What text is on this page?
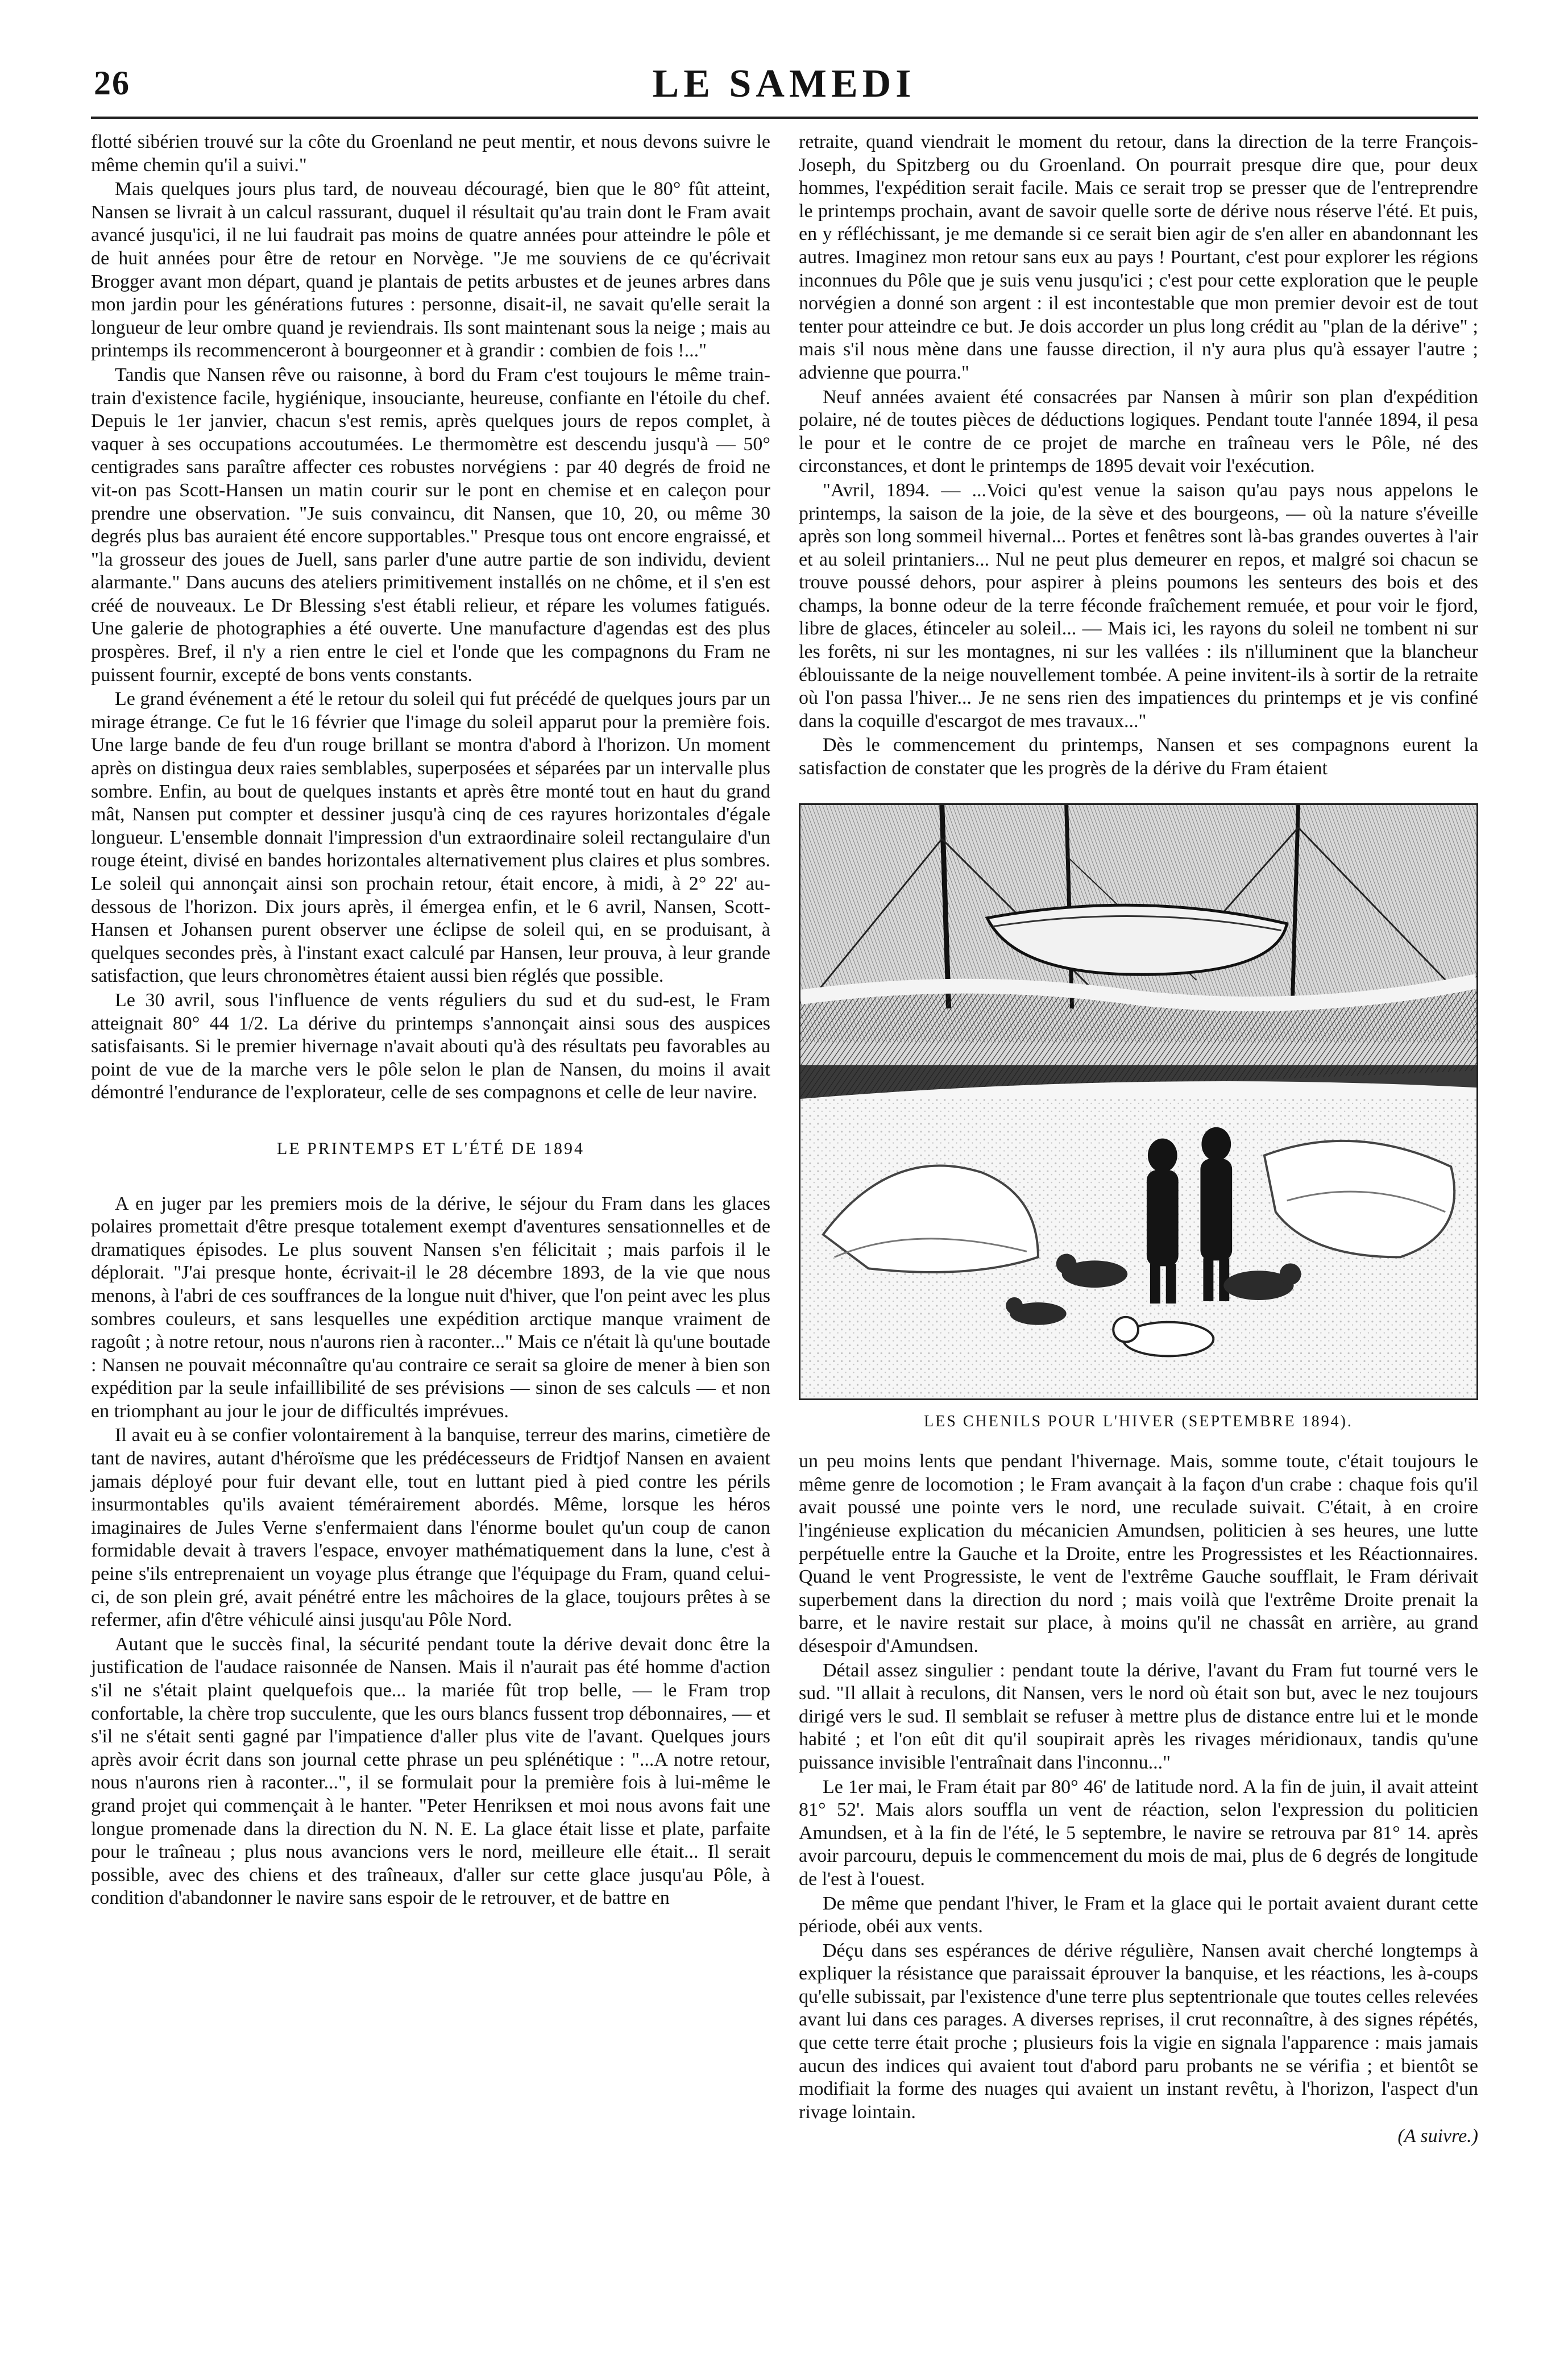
26	LE SAMEDI

flotté sibérien trouvé sur la côte du Groenland ne peut mentir, et nous devons suivre le même chemin qu'il a suivi."

Mais quelques jours plus tard, de nouveau découragé, bien que le 80° fût atteint, Nansen se livrait à un calcul rassurant, duquel il résultait qu'au train dont le Fram avait avancé jusqu'ici, il ne lui faudrait pas moins de quatre années pour atteindre le pôle et de huit années pour être de retour en Norvège. "Je me souviens de ce qu'écrivait Brogger avant mon départ, quand je plantais de petits arbustes et de jeunes arbres dans mon jardin pour les générations futures : personne, disait-il, ne savait qu'elle serait la longueur de leur ombre quand je reviendrais. Ils sont maintenant sous la neige ; mais au printemps ils recommenceront à bourgeonner et à grandir : combien de fois !..."

Tandis que Nansen rêve ou raisonne, à bord du Fram c'est toujours le même train-train d'existence facile, hygiénique, insouciante, heureuse, confiante en l'étoile du chef. Depuis le 1er janvier, chacun s'est remis, après quelques jours de repos complet, à vaquer à ses occupations accoutumées. Le thermomètre est descendu jusqu'à — 50° centigrades sans paraître affecter ces robustes norvégiens : par 40 degrés de froid ne vit-on pas Scott-Hansen un matin courir sur le pont en chemise et en caleçon pour prendre une observation. "Je suis convaincu, dit Nansen, que 10, 20, ou même 30 degrés plus bas auraient été encore supportables." Presque tous ont encore engraissé, et "la grosseur des joues de Juell, sans parler d'une autre partie de son individu, devient alarmante." Dans aucuns des ateliers primitivement installés on ne chôme, et il s'en est créé de nouveaux. Le Dr Blessing s'est établi relieur, et répare les volumes fatigués. Une galerie de photographies a été ouverte. Une manufacture d'agendas est des plus prospères. Bref, il n'y a rien entre le ciel et l'onde que les compagnons du Fram ne puissent fournir, excepté de bons vents constants.

Le grand événement a été le retour du soleil qui fut précédé de quelques jours par un mirage étrange. Ce fut le 16 février que l'image du soleil apparut pour la première fois. Une large bande de feu d'un rouge brillant se montra d'abord à l'horizon. Un moment après on distingua deux raies semblables, superposées et séparées par un intervalle plus sombre. Enfin, au bout de quelques instants et après être monté tout en haut du grand mât, Nansen put compter et dessiner jusqu'à cinq de ces rayures horizontales d'égale longueur. L'ensemble donnait l'impression d'un extraordinaire soleil rectangulaire d'un rouge éteint, divisé en bandes horizontales alternativement plus claires et plus sombres. Le soleil qui annonçait ainsi son prochain retour, était encore, à midi, à 2° 22' au-dessous de l'horizon. Dix jours après, il émergea enfin, et le 6 avril, Nansen, Scott-Hansen et Johansen purent observer une éclipse de soleil qui, en se produisant, à quelques secondes près, à l'instant exact calculé par Hansen, leur prouva, à leur grande satisfaction, que leurs chronomètres étaient aussi bien réglés que possible.

Le 30 avril, sous l'influence de vents réguliers du sud et du sud-est, le Fram atteignait 80° 44 1/2. La dérive du printemps s'annonçait ainsi sous des auspices satisfaisants. Si le premier hivernage n'avait abouti qu'à des résultats peu favorables au point de vue de la marche vers le pôle selon le plan de Nansen, du moins il avait démontré l'endurance de l'explorateur, celle de ses compagnons et celle de leur navire.

LE PRINTEMPS ET L'ÉTÉ DE 1894

A en juger par les premiers mois de la dérive, le séjour du Fram dans les glaces polaires promettait d'être presque totalement exempt d'aventures sensationnelles et de dramatiques épisodes. Le plus souvent Nansen s'en félicitait ; mais parfois il le déplorait. "J'ai presque honte, écrivait-il le 28 décembre 1893, de la vie que nous menons, à l'abri de ces souffrances de la longue nuit d'hiver, que l'on peint avec les plus sombres couleurs, et sans lesquelles une expédition arctique manque vraiment de ragoût ; à notre retour, nous n'aurons rien à raconter..." Mais ce n'était là qu'une boutade : Nansen ne pouvait méconnaître qu'au contraire ce serait sa gloire de mener à bien son expédition par la seule infaillibilité de ses prévisions — sinon de ses calculs — et non en triomphant au jour le jour de difficultés imprévues.

Il avait eu à se confier volontairement à la banquise, terreur des marins, cimetière de tant de navires, autant d'héroïsme que les prédécesseurs de Fridtjof Nansen en avaient jamais déployé pour fuir devant elle, tout en luttant pied à pied contre les périls insurmontables qu'ils avaient témérairement abordés. Même, lorsque les héros imaginaires de Jules Verne s'enfermaient dans l'énorme boulet qu'un coup de canon formidable devait à travers l'espace, envoyer mathématiquement dans la lune, c'est à peine s'ils entreprenaient un voyage plus étrange que l'équipage du Fram, quand celui-ci, de son plein gré, avait pénétré entre les mâchoires de la glace, toujours prêtes à se refermer, afin d'être véhiculé ainsi jusqu'au Pôle Nord.

Autant que le succès final, la sécurité pendant toute la dérive devait donc être la justification de l'audace raisonnée de Nansen. Mais il n'aurait pas été homme d'action s'il ne s'était plaint quelquefois que... la mariée fût trop belle, — le Fram trop confortable, la chère trop succulente, que les ours blancs fussent trop débonnaires, — et s'il ne s'était senti gagné par l'impatience d'aller plus vite de l'avant. Quelques jours après avoir écrit dans son journal cette phrase un peu splénétique : "...A notre retour, nous n'aurons rien à raconter...", il se formulait pour la première fois à lui-même le grand projet qui commençait à le hanter. "Peter Henriksen et moi nous avons fait une longue promenade dans la direction du N. N. E. La glace était lisse et plate, parfaite pour le traîneau ; plus nous avancions vers le nord, meilleure elle était... Il serait possible, avec des chiens et des traîneaux, d'aller sur cette glace jusqu'au Pôle, à condition d'abandonner le navire sans espoir de le retrouver, et de battre en

retraite, quand viendrait le moment du retour, dans la direction de la terre François-Joseph, du Spitzberg ou du Groenland. On pourrait presque dire que, pour deux hommes, l'expédition serait facile. Mais ce serait trop se presser que de l'entreprendre le printemps prochain, avant de savoir quelle sorte de dérive nous réserve l'été. Et puis, en y réfléchissant, je me demande si ce serait bien agir de s'en aller en abandonnant les autres. Imaginez mon retour sans eux au pays ! Pourtant, c'est pour explorer les régions inconnues du Pôle que je suis venu jusqu'ici ; c'est pour cette exploration que le peuple norvégien a donné son argent : il est incontestable que mon premier devoir est de tout tenter pour atteindre ce but. Je dois accorder un plus long crédit au "plan de la dérive" ; mais s'il nous mène dans une fausse direction, il n'y aura plus qu'à essayer l'autre ; advienne que pourra."

Neuf années avaient été consacrées par Nansen à mûrir son plan d'expédition polaire, né de toutes pièces de déductions logiques. Pendant toute l'année 1894, il pesa le pour et le contre de ce projet de marche en traîneau vers le Pôle, né des circonstances, et dont le printemps de 1895 devait voir l'exécution.

"Avril, 1894. — ...Voici qu'est venue la saison qu'au pays nous appelons le printemps, la saison de la joie, de la sève et des bourgeons, — où la nature s'éveille après son long sommeil hivernal... Portes et fenêtres sont là-bas grandes ouvertes à l'air et au soleil printaniers... Nul ne peut plus demeurer en repos, et malgré soi chacun se trouve poussé dehors, pour aspirer à pleins poumons les senteurs des bois et des champs, la bonne odeur de la terre féconde fraîchement remuée, et pour voir le fjord, libre de glaces, étinceler au soleil... — Mais ici, les rayons du soleil ne tombent ni sur les forêts, ni sur les montagnes, ni sur les vallées : ils n'illuminent que la blancheur éblouissante de la neige nouvellement tombée. A peine invitent-ils à sortir de la retraite où l'on passa l'hiver... Je ne sens rien des impatiences du printemps et je vis confiné dans la coquille d'escargot de mes travaux..."

Dès le commencement du printemps, Nansen et ses compagnons eurent la satisfaction de constater que les progrès de la dérive du Fram étaient

LES CHENILS POUR L'HIVER (SEPTEMBRE 1894).

un peu moins lents que pendant l'hivernage. Mais, somme toute, c'était toujours le même genre de locomotion ; le Fram avançait à la façon d'un crabe : chaque fois qu'il avait poussé une pointe vers le nord, une reculade suivait. C'était, à en croire l'ingénieuse explication du mécanicien Amundsen, politicien à ses heures, une lutte perpétuelle entre la Gauche et la Droite, entre les Progressistes et les Réactionnaires. Quand le vent Progressiste, le vent de l'extrême Gauche soufflait, le Fram dérivait superbement dans la direction du nord ; mais voilà que l'extrême Droite prenait la barre, et le navire restait sur place, à moins qu'il ne chassât en arrière, au grand désespoir d'Amundsen.

Détail assez singulier : pendant toute la dérive, l'avant du Fram fut tourné vers le sud. "Il allait à reculons, dit Nansen, vers le nord où était son but, avec le nez toujours dirigé vers le sud. Il semblait se refuser à mettre plus de distance entre lui et le monde habité ; et l'on eût dit qu'il soupirait après les rivages méridionaux, tandis qu'une puissance invisible l'entraînait dans l'inconnu..."

Le 1er mai, le Fram était par 80° 46' de latitude nord. A la fin de juin, il avait atteint 81° 52'. Mais alors souffla un vent de réaction, selon l'expression du politicien Amundsen, et à la fin de l'été, le 5 septembre, le navire se retrouva par 81° 14. après avoir parcouru, depuis le commencement du mois de mai, plus de 6 degrés de longitude de l'est à l'ouest.

De même que pendant l'hiver, le Fram et la glace qui le portait avaient durant cette période, obéi aux vents.

Déçu dans ses espérances de dérive régulière, Nansen avait cherché longtemps à expliquer la résistance que paraissait éprouver la banquise, et les réactions, les à-coups qu'elle subissait, par l'existence d'une terre plus septentrionale que toutes celles relevées avant lui dans ces parages. A diverses reprises, il crut reconnaître, à des signes répétés, que cette terre était proche ; plusieurs fois la vigie en signala l'apparence : mais jamais aucun des indices qui avaient tout d'abord paru probants ne se vérifia ; et bientôt se modifiait la forme des nuages qui avaient un instant revêtu, à l'horizon, l'aspect d'un rivage lointain.

(A suivre.)
